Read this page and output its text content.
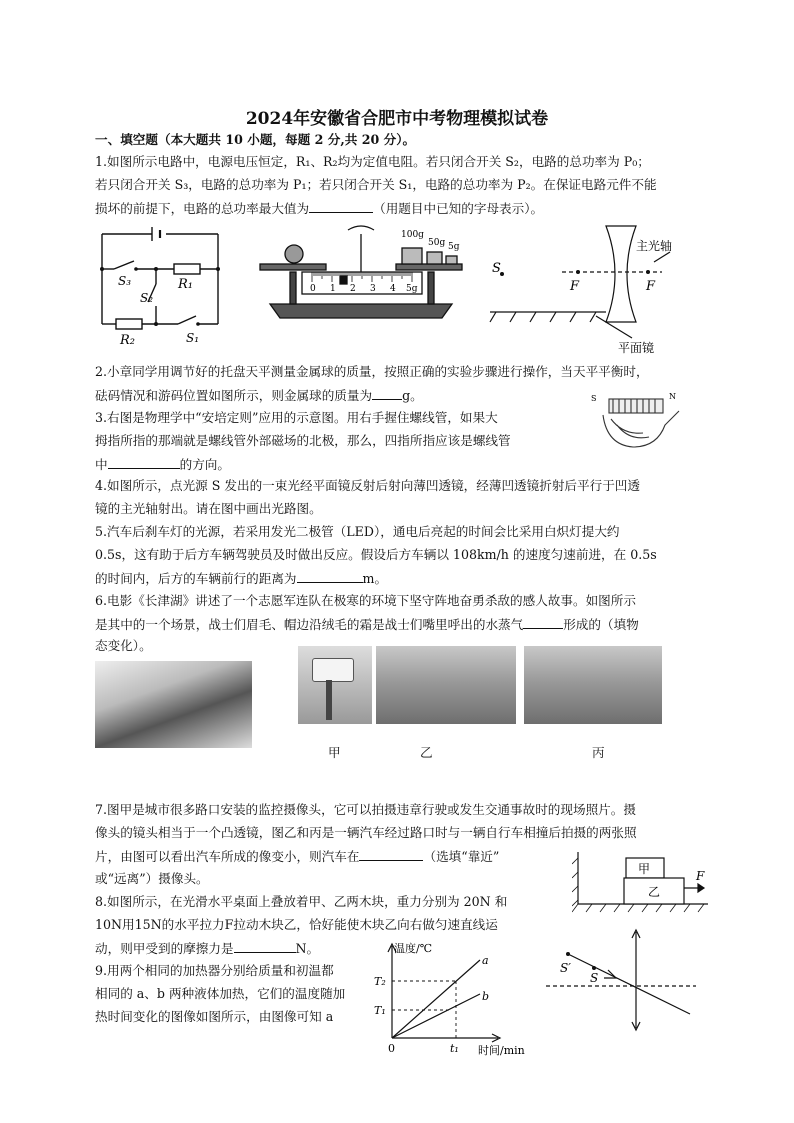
2024年安徽省合肥市中考物理模拟试卷
一、填空题（本大题共 10 小题，每题 2 分,共 20 分）。
1.如图所示电路中，电源电压恒定，R₁、R₂均为定值电阻。若只闭合开关 S₂，电路的总功率为 P₀；
若只闭合开关 S₃，电路的总功率为 P₁；若只闭合开关 S₁，电路的总功率为 P₂。在保证电路元件不能
损坏的前提下，电路的总功率最大值为	（用题目中已知的字母表示）。
S₃	R₁
S₂
R₂	S₁
100g
50g 5g
0 1 2 3 4 5g
S
F	F
主光轴
平面镜
2.小章同学用调节好的托盘天平测量金属球的质量，按照正确的实验步骤进行操作，当天平平衡时，
砝码情况和游码位置如图所示，则金属球的质量为 g。
3.右图是物理学中“安培定则”应用的示意图。用右手握住螺线管，如果大
拇指所指的那端就是螺线管外部磁场的北极，那么，四指所指应该是螺线管
中	的方向。
S	N
4.如图所示，点光源 S 发出的一束光经平面镜反射后射向薄凹透镜，经薄凹透镜折射后平行于凹透
镜的主光轴射出。请在图中画出光路图。
5.汽车后刹车灯的光源，若采用发光二极管（LED），通电后亮起的时间会比采用白炽灯提大约
0.5s，这有助于后方车辆驾驶员及时做出反应。假设后方车辆以 108km/h 的速度匀速前进，在 0.5s
的时间内，后方的车辆前行的距离为	m。
6.电影《长津湖》讲述了一个志愿军连队在极寒的环境下坚守阵地奋勇杀敌的感人故事。如图所示
是其中的一个场景，战士们眉毛、帽边沿绒毛的霜是战士们嘴里呼出的水蒸气	形成的（填物
态变化）。
甲	乙	丙
7.图甲是城市很多路口安装的监控摄像头，它可以拍摄违章行驶或发生交通事故时的现场照片。摄
像头的镜头相当于一个凸透镜，图乙和丙是一辆汽车经过路口时与一辆自行车相撞后拍摄的两张照
片，由图可以看出汽车所成的像变小，则汽车在	（选填“靠近”
或“远离”）摄像头。
甲
乙
F
8.如图所示，在光滑水平桌面上叠放着甲、乙两木块，重力分别为 20N 和
10N用15N的水平拉力F拉动木块乙，恰好能使木块乙向右做匀速直线运
动，则甲受到的摩擦力是	N。	温度/℃
时间/min
T₂
T₁
0	t₁
a
b
S′
S
9.用两个相同的加热器分别给质量和初温都
相同的 a、b 两种液体加热，它们的温度随加
热时间变化的图像如图所示，由图像可知 a
